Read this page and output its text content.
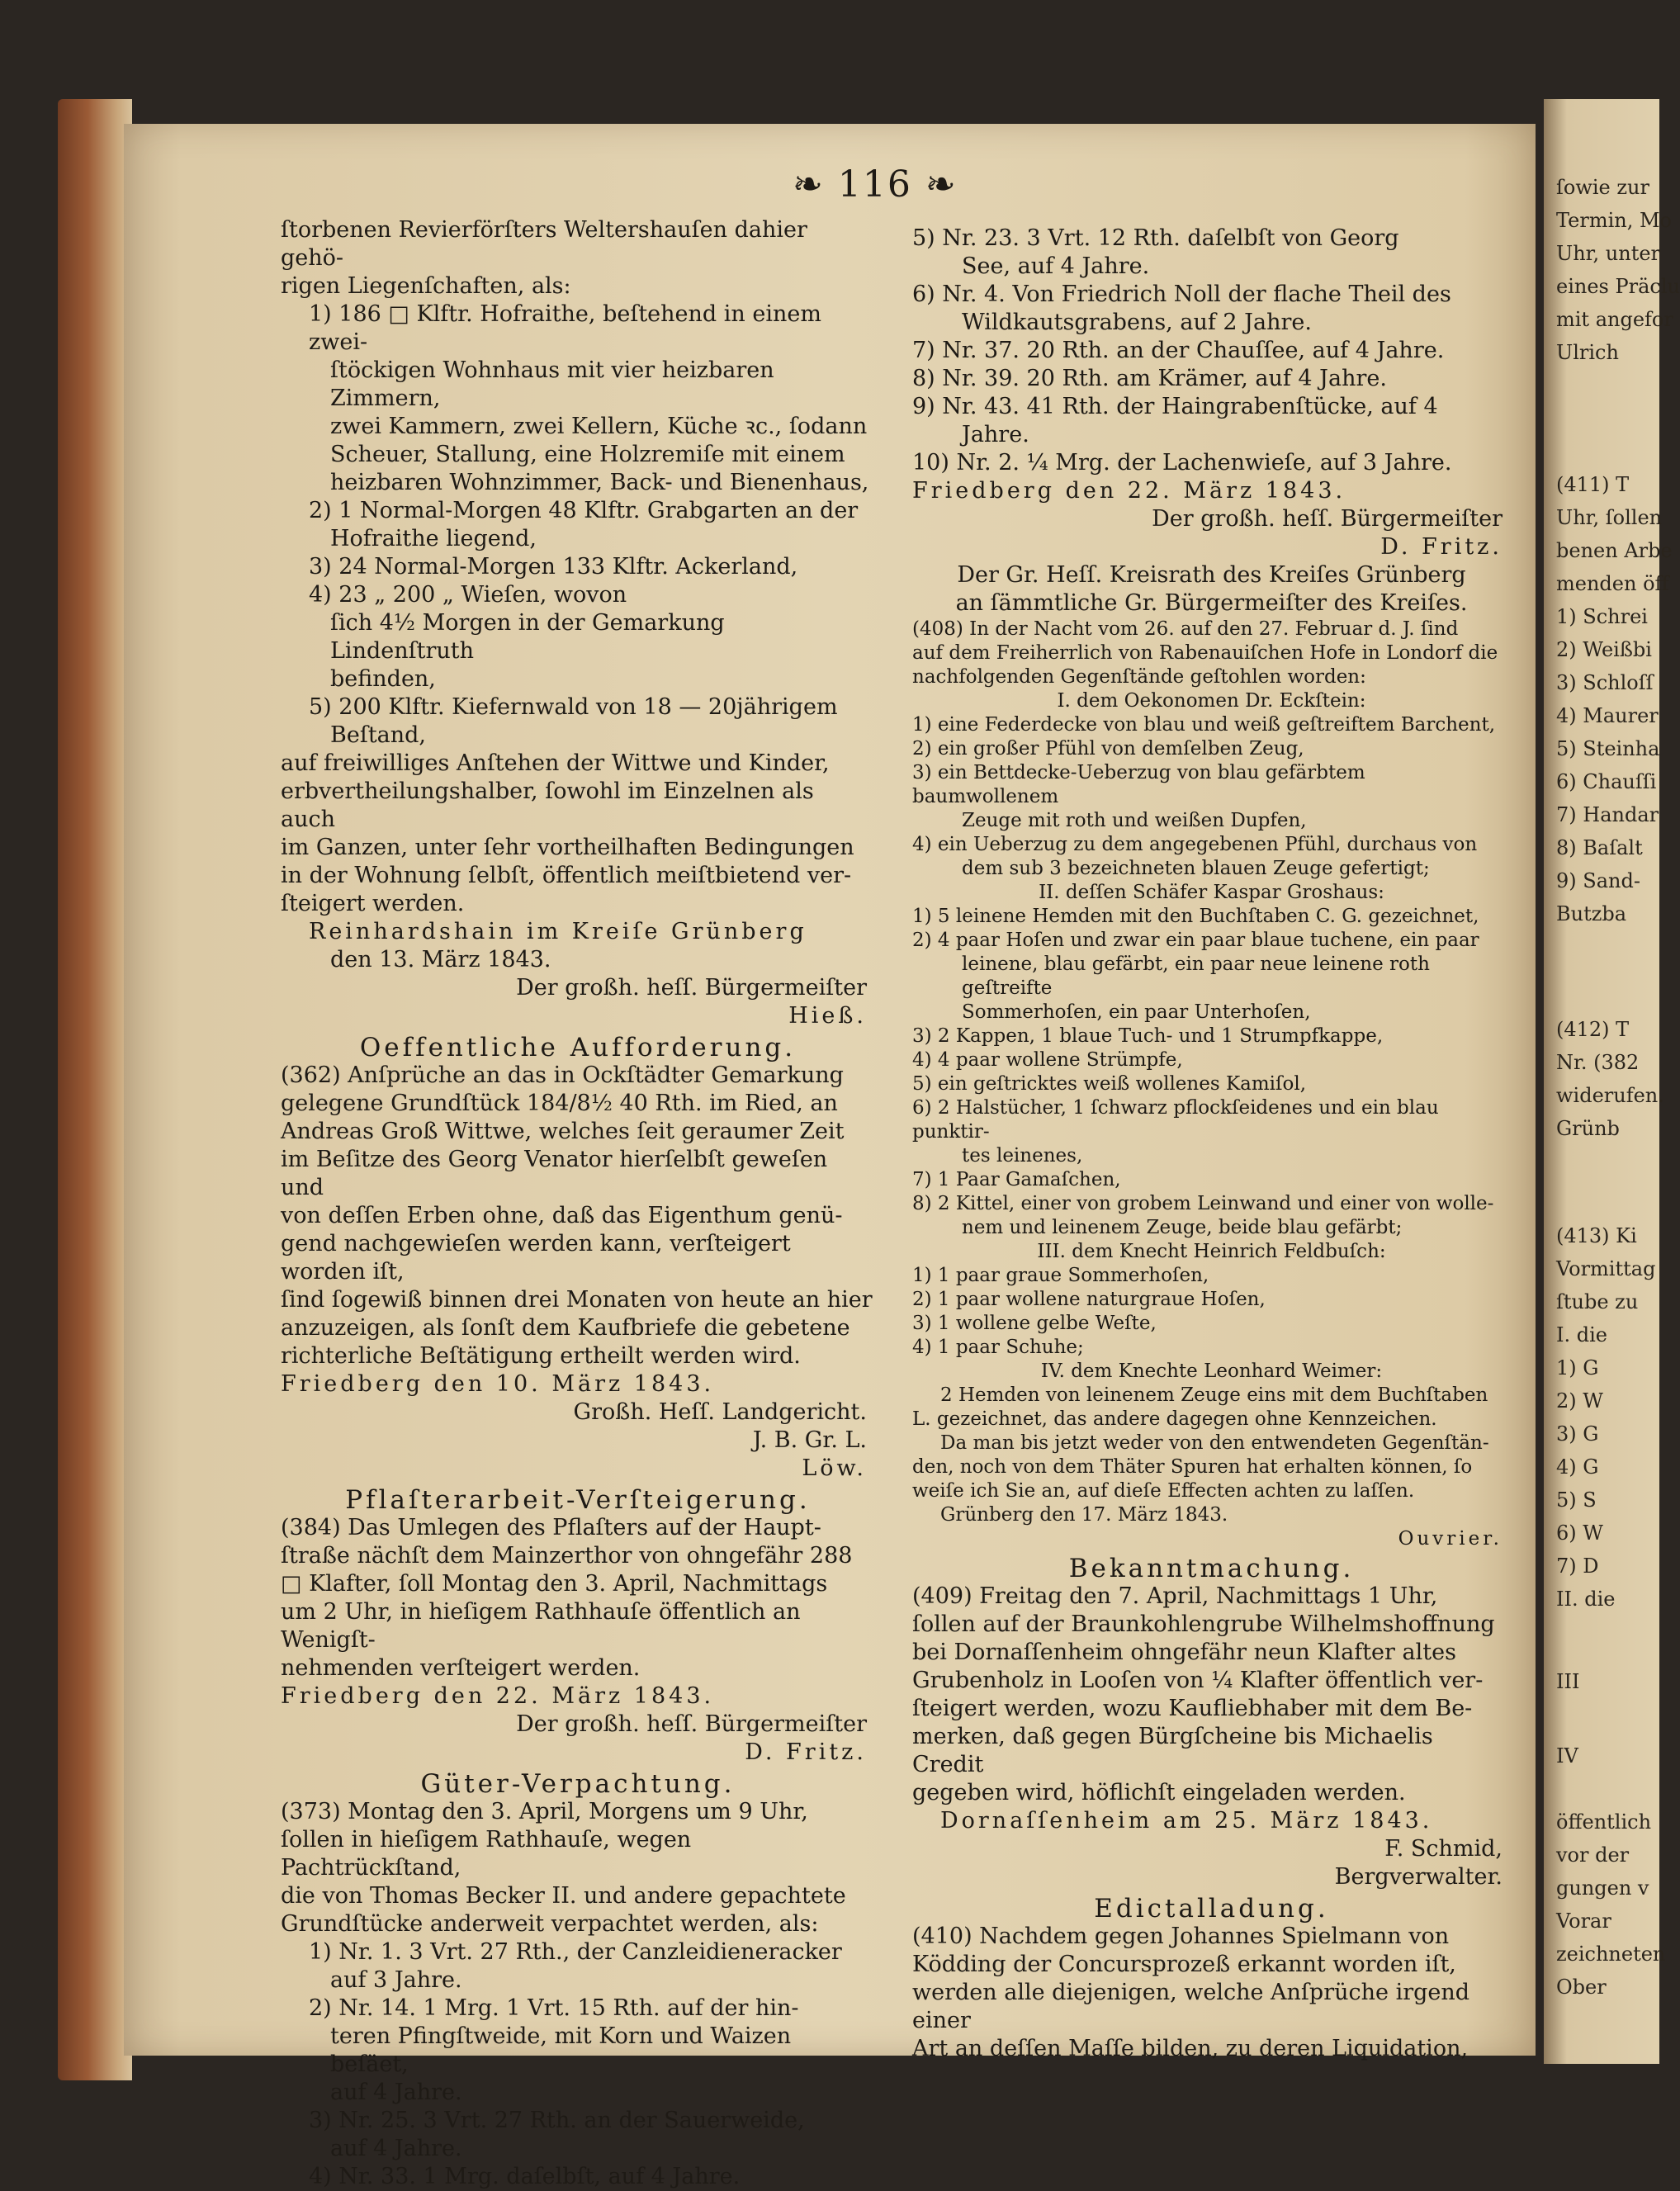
❧ 116 ❧

ſtorbenen Revierförſters Weltershauſen dahier gehö-

rigen Liegenſchaften, als:

1) 186 □ Klftr. Hofraithe, beſtehend in einem zwei-

ſtöckigen Wohnhaus mit vier heizbaren Zimmern,

zwei Kammern, zwei Kellern, Küche ꝛc., ſodann

Scheuer, Stallung, eine Holzremiſe mit einem

heizbaren Wohnzimmer, Back- und Bienenhaus,

2) 1 Normal-Morgen 48 Klftr. Grabgarten an der

Hofraithe liegend,

3) 24 Normal-Morgen 133 Klftr. Ackerland,

4) 23 „ 200 „ Wieſen, wovon

ſich 4½ Morgen in der Gemarkung Lindenſtruth

befinden,

5) 200 Klftr. Kiefernwald von 18 — 20jährigem

Beſtand,

auf freiwilliges Anſtehen der Wittwe und Kinder,

erbvertheilungshalber, ſowohl im Einzelnen als auch

im Ganzen, unter ſehr vortheilhaften Bedingungen

in der Wohnung ſelbſt, öffentlich meiſtbietend ver-

ſteigert werden.

Reinhardshain im Kreiſe Grünberg

den 13. März 1843.

Der großh. heſſ. Bürgermeiſter

Hieß.

Oeffentliche Aufforderung.

(362) Anſprüche an das in Ockſtädter Gemarkung

gelegene Grundſtück 184/8½ 40 Rth. im Ried, an

Andreas Groß Wittwe, welches ſeit geraumer Zeit

im Beſitze des Georg Venator hierſelbſt geweſen und

von deſſen Erben ohne, daß das Eigenthum genü-

gend nachgewieſen werden kann, verſteigert worden iſt,

ſind ſogewiß binnen drei Monaten von heute an hier

anzuzeigen, als ſonſt dem Kaufbriefe die gebetene

richterliche Beſtätigung ertheilt werden wird.

Friedberg den 10. März 1843.

Großh. Heſſ. Landgericht.

J. B. Gr. L.

Löw.

Pflaſterarbeit-Verſteigerung.

(384) Das Umlegen des Pflaſters auf der Haupt-

ſtraße nächſt dem Mainzerthor von ohngefähr 288

□ Klafter, ſoll Montag den 3. April, Nachmittags

um 2 Uhr, in hieſigem Rathhauſe öffentlich an Wenigſt-

nehmenden verſteigert werden.

Friedberg den 22. März 1843.

Der großh. heſſ. Bürgermeiſter

D. Fritz.

Güter-Verpachtung.

(373) Montag den 3. April, Morgens um 9 Uhr,

ſollen in hieſigem Rathhauſe, wegen Pachtrückſtand,

die von Thomas Becker II. und andere gepachtete

Grundſtücke anderweit verpachtet werden, als:

1) Nr. 1. 3 Vrt. 27 Rth., der Canzleidieneracker

auf 3 Jahre.

2) Nr. 14. 1 Mrg. 1 Vrt. 15 Rth. auf der hin-

teren Pfingſtweide, mit Korn und Waizen beſäet,

auf 4 Jahre.

3) Nr. 25. 3 Vrt. 27 Rth. an der Sauerweide,

auf 4 Jahre.

4) Nr. 33. 1 Mrg. daſelbſt, auf 4 Jahre.

5) Nr. 23. 3 Vrt. 12 Rth. daſelbſt von Georg

See, auf 4 Jahre.

6) Nr. 4. Von Friedrich Noll der flache Theil des

Wildkautsgrabens, auf 2 Jahre.

7) Nr. 37. 20 Rth. an der Chauſſee, auf 4 Jahre.

8) Nr. 39. 20 Rth. am Krämer, auf 4 Jahre.

9) Nr. 43. 41 Rth. der Haingrabenſtücke, auf 4

Jahre.

10) Nr. 2. ¼ Mrg. der Lachenwieſe, auf 3 Jahre.

Friedberg den 22. März 1843.

Der großh. heſſ. Bürgermeiſter

D. Fritz.

Der Gr. Heſſ. Kreisrath des Kreiſes Grünberg

an ſämmtliche Gr. Bürgermeiſter des Kreiſes.

(408) In der Nacht vom 26. auf den 27. Februar d. J. ſind

auf dem Freiherrlich von Rabenauiſchen Hofe in Londorf die

nachfolgenden Gegenſtände geſtohlen worden:

I. dem Oekonomen Dr. Eckſtein:

1) eine Federdecke von blau und weiß geſtreiftem Barchent,

2) ein großer Pfühl von demſelben Zeug,

3) ein Bettdecke-Ueberzug von blau gefärbtem baumwollenem

Zeuge mit roth und weißen Dupfen,

4) ein Ueberzug zu dem angegebenen Pfühl, durchaus von

dem sub 3 bezeichneten blauen Zeuge gefertigt;

II. deſſen Schäfer Kaspar Groshaus:

1) 5 leinene Hemden mit den Buchſtaben C. G. gezeichnet,

2) 4 paar Hoſen und zwar ein paar blaue tuchene, ein paar

leinene, blau gefärbt, ein paar neue leinene roth geſtreifte

Sommerhoſen, ein paar Unterhoſen,

3) 2 Kappen, 1 blaue Tuch- und 1 Strumpfkappe,

4) 4 paar wollene Strümpfe,

5) ein geſtricktes weiß wollenes Kamiſol,

6) 2 Halstücher, 1 ſchwarz pflockſeidenes und ein blau punktir-

tes leinenes,

7) 1 Paar Gamaſchen,

8) 2 Kittel, einer von grobem Leinwand und einer von wolle-

nem und leinenem Zeuge, beide blau gefärbt;

III. dem Knecht Heinrich Feldbuſch:

1) 1 paar graue Sommerhoſen,

2) 1 paar wollene naturgraue Hoſen,

3) 1 wollene gelbe Weſte,

4) 1 paar Schuhe;

IV. dem Knechte Leonhard Weimer:

2 Hemden von leinenem Zeuge eins mit dem Buchſtaben

L. gezeichnet, das andere dagegen ohne Kennzeichen.

Da man bis jetzt weder von den entwendeten Gegenſtän-

den, noch von dem Thäter Spuren hat erhalten können, ſo

weiſe ich Sie an, auf dieſe Effecten achten zu laſſen.

Grünberg den 17. März 1843.

Ouvrier.

Bekanntmachung.

(409) Freitag den 7. April, Nachmittags 1 Uhr,

ſollen auf der Braunkohlengrube Wilhelmshoffnung

bei Dornaſſenheim ohngefähr neun Klafter altes

Grubenholz in Looſen von ¼ Klafter öffentlich ver-

ſteigert werden, wozu Kaufliebhaber mit dem Be-

merken, daß gegen Bürgſcheine bis Michaelis Credit

gegeben wird, höflichſt eingeladen werden.

Dornaſſenheim am 25. März 1843.

F. Schmid,

Bergverwalter.

Edictalladung.

(410) Nachdem gegen Johannes Spielmann von

Ködding der Concursprozeß erkannt worden iſt,

werden alle diejenigen, welche Anſprüche irgend einer

Art an deſſen Maſſe bilden, zu deren Liquidation,

ſowie zur
Termin, Mo
Uhr, unter
eines Präclu
mit angefor
Ulrich
(411) T
Uhr, ſollen
benen Arbe
menden öff
1) Schrei
2) Weißbi
3) Schloſſ
4) Maurer
5) Steinha
6) Chauſſi
7) Handar
8) Baſalt
9) Sand-
Butzba
(412) T
Nr. (382
widerufen.
Grünb
(413) Ki
Vormittag
ſtube zu
I. die
1) G
2) W
3) G
4) G
5) S
6) W
7) D
II. die
III
IV
öffentlich
vor der
gungen v
Vorar
zeichneten
Ober
